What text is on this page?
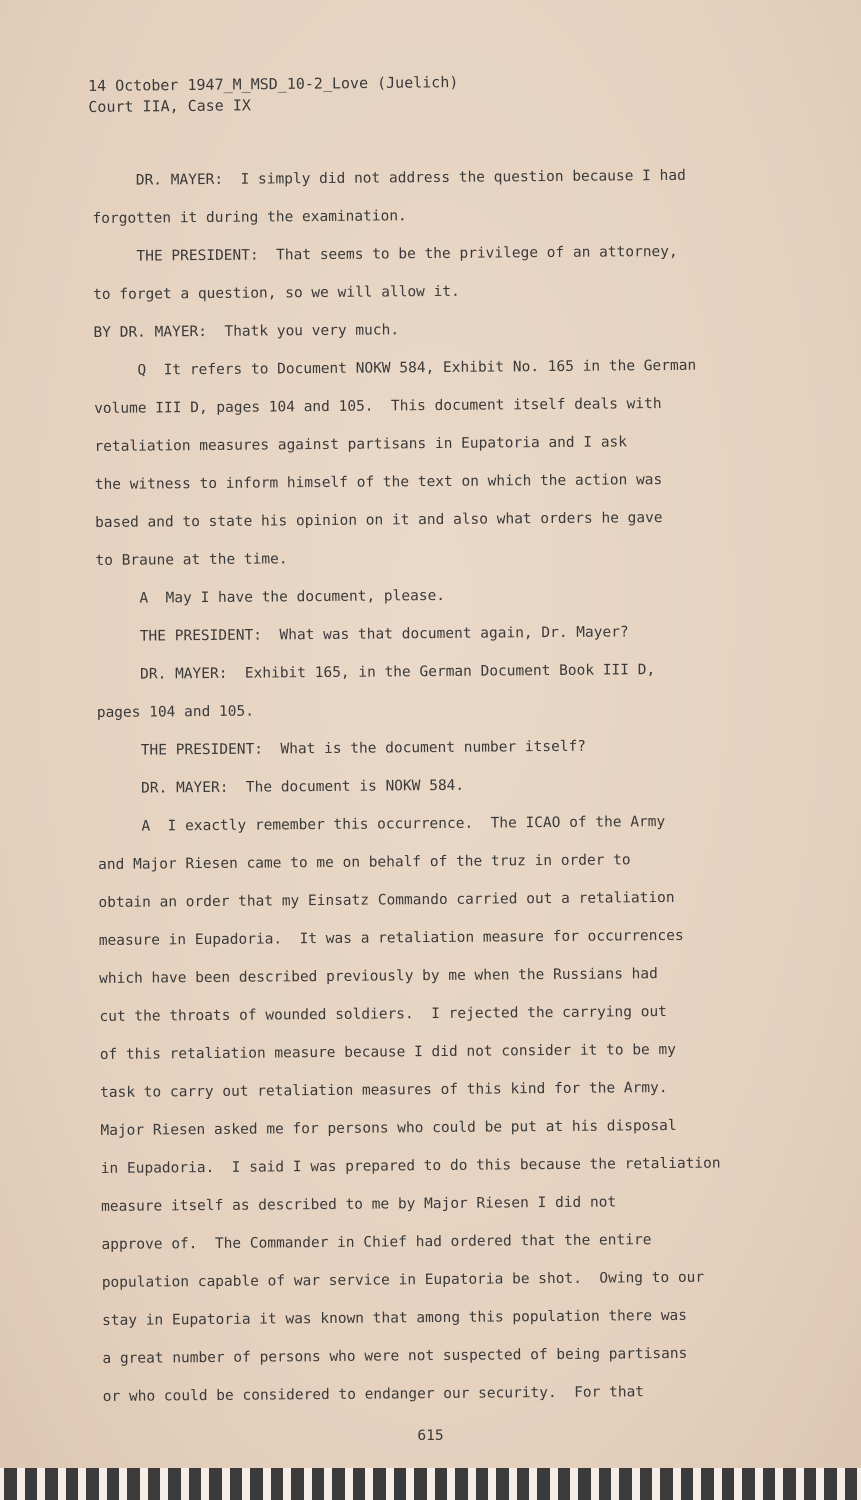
14 October 1947_M_MSD_10-2_Love (Juelich)
Court IIA, Case IX
DR. MAYER:  I simply did not address the question because I had
forgotten it during the examination.
THE PRESIDENT:  That seems to be the privilege of an attorney,
to forget a question, so we will allow it.
BY DR. MAYER:  Thatk you very much.
Q  It refers to Document NOKW 584, Exhibit No. 165 in the German
volume III D, pages 104 and 105.  This document itself deals with
retaliation measures against partisans in Eupatoria and I ask
the witness to inform himself of the text on which the action was
based and to state his opinion on it and also what orders he gave
to Braune at the time.
A  May I have the document, please.
THE PRESIDENT:  What was that document again, Dr. Mayer?
DR. MAYER:  Exhibit 165, in the German Document Book III D,
pages 104 and 105.
THE PRESIDENT:  What is the document number itself?
DR. MAYER:  The document is NOKW 584.
A  I exactly remember this occurrence.  The ICAO of the Army
and Major Riesen came to me on behalf of the truz in order to
obtain an order that my Einsatz Commando carried out a retaliation
measure in Eupadoria.  It was a retaliation measure for occurrences
which have been described previously by me when the Russians had
cut the throats of wounded soldiers.  I rejected the carrying out
of this retaliation measure because I did not consider it to be my
task to carry out retaliation measures of this kind for the Army.
Major Riesen asked me for persons who could be put at his disposal
in Eupadoria.  I said I was prepared to do this because the retaliation
measure itself as described to me by Major Riesen I did not
approve of.  The Commander in Chief had ordered that the entire
population capable of war service in Eupatoria be shot.  Owing to our
stay in Eupatoria it was known that among this population there was
a great number of persons who were not suspected of being partisans
or who could be considered to endanger our security.  For that
615
